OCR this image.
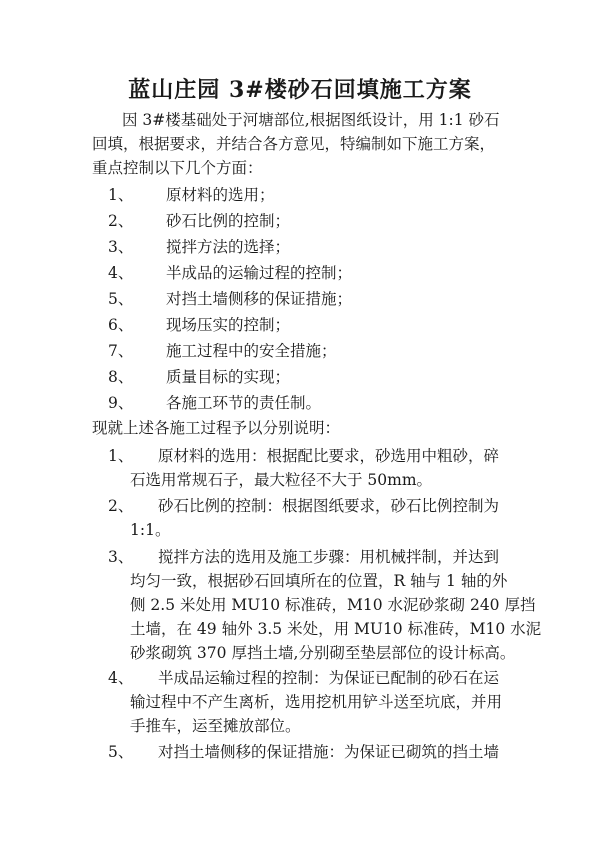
蓝山庄园 3#楼砂石回填施工方案
因 3#楼基础处于河塘部位,根据图纸设计，用 1:1 砂石
回填，根据要求，并结合各方意见，特编制如下施工方案，
重点控制以下几个方面：
1、 原材料的选用；
2、 砂石比例的控制；
3、 搅拌方法的选择；
4、 半成品的运输过程的控制；
5、 对挡土墙侧移的保证措施；
6、 现场压实的控制；
7、 施工过程中的安全措施；
8、 质量目标的实现；
9、 各施工环节的责任制。
现就上述各施工过程予以分别说明：
1、 原材料的选用：根据配比要求，砂选用中粗砂，碎
石选用常规石子，最大粒径不大于 50mm。
2、 砂石比例的控制：根据图纸要求，砂石比例控制为
1:1。
3、 搅拌方法的选用及施工步骤：用机械拌制，并达到
均匀一致，根据砂石回填所在的位置，R 轴与 1 轴的外
侧 2.5 米处用 MU10 标准砖，M10 水泥砂浆砌 240 厚挡
土墙，在 49 轴外 3.5 米处，用 MU10 标准砖，M10 水泥
砂浆砌筑 370 厚挡土墙,分别砌至垫层部位的设计标高。
4、 半成品运输过程的控制：为保证已配制的砂石在运
输过程中不产生离析，选用挖机用铲斗送至坑底，并用
手推车，运至摊放部位。
5、 对挡土墙侧移的保证措施：为保证已砌筑的挡土墙
